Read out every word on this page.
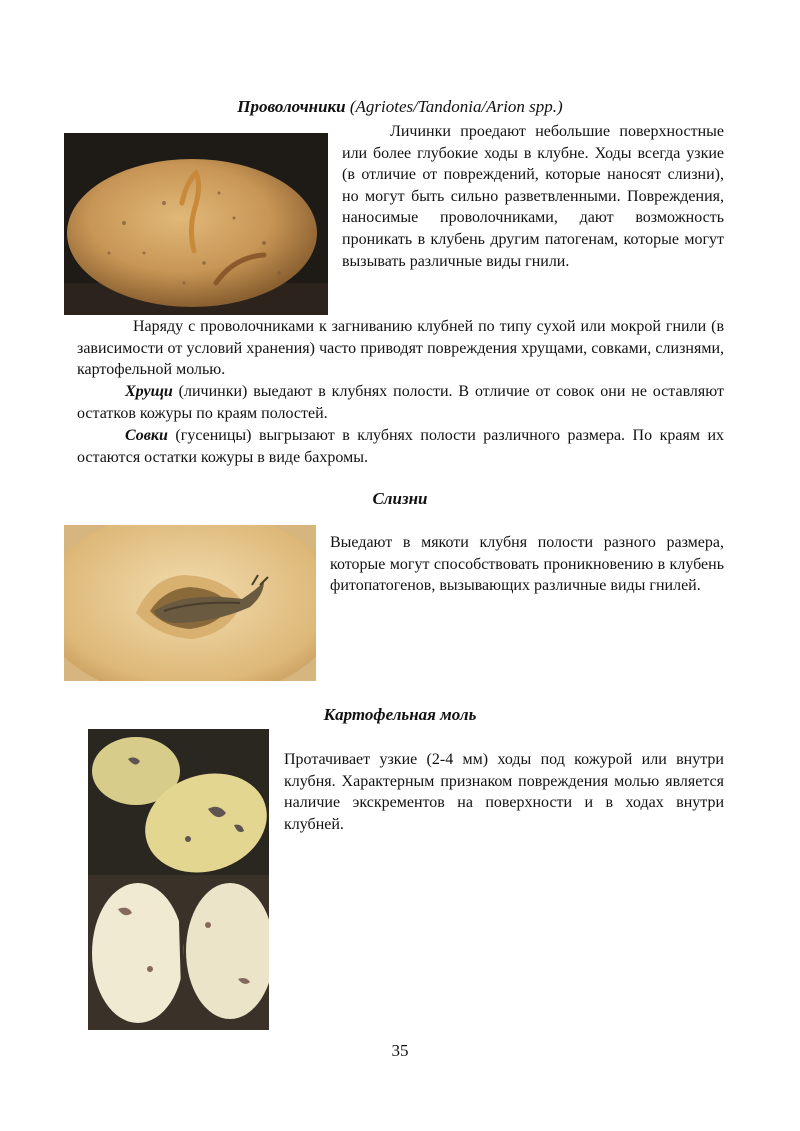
Проволочники (Agriotes/Tandonia/Arion spp.)

Личинки проедают небольшие поверхностные или более глубокие ходы в клубне. Ходы всегда узкие (в отличие от повреждений, которые наносят слизни), но могут быть сильно разветвленными. Повреждения, наносимые проволочниками, дают возможность проникать в клубень другим патогенам, которые могут вызывать различные виды гнили.

Наряду с проволочниками к загниванию клубней по типу сухой или мокрой гнили (в зависимости от условий хранения) часто приводят повреждения хрущами, совками, слизнями, картофельной молью.

Хрущи (личинки) выедают в клубнях полости. В отличие от совок они не оставляют остатков кожуры по краям полостей.

Совки (гусеницы) выгрызают в клубнях полости различного размера. По краям их остаются остатки кожуры в виде бахромы.

Слизни

Выедают в мякоти клубня полости разного размера, которые могут способствовать проникновению в клубень фитопатогенов, вызывающих различные виды гнилей.

Картофельная моль

Протачивает узкие (2-4 мм) ходы под кожурой или внутри клубня. Характерным признаком повреждения молью является наличие экскрементов на поверхности и в ходах внутри клубней.

35
